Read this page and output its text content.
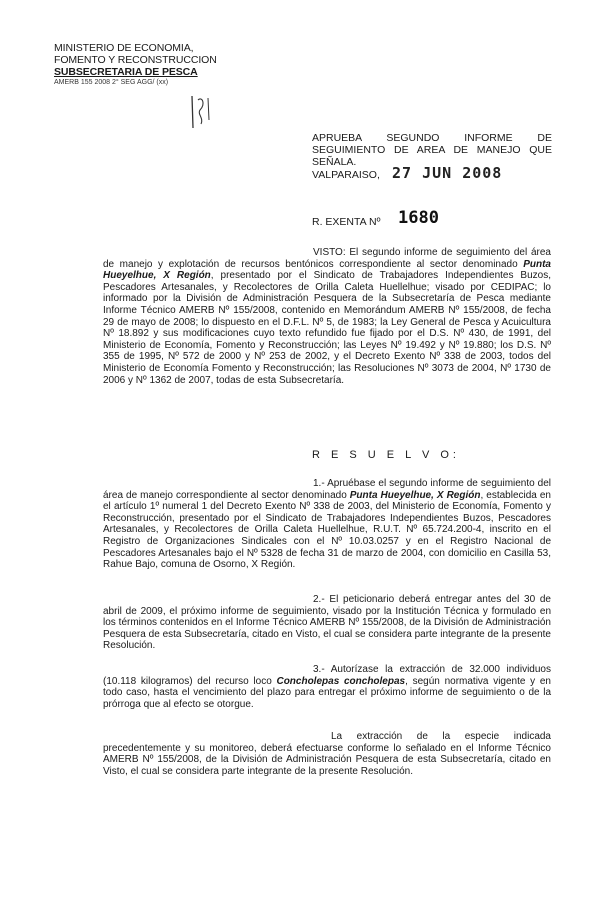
MINISTERIO DE ECONOMIA,
FOMENTO Y RECONSTRUCCION
SUBSECRETARIA DE PESCA
AMERB 155 2008 2° SEG AGG/ (xx)
APRUEBA SEGUNDO INFORME DE SEGUIMIENTO DE AREA DE MANEJO QUE SEÑALA.
VALPARAISO, 27 JUN 2008
R. EXENTA Nº 1680

VISTO: El segundo informe de seguimiento del área de manejo y explotación de recursos bentónicos correspondiente al sector denominado Punta Hueyelhue, X Región, presentado por el Sindicato de Trabajadores Independientes Buzos, Pescadores Artesanales, y Recolectores de Orilla Caleta Huellelhue; visado por CEDIPAC; lo informado por la División de Administración Pesquera de la Subsecretaría de Pesca mediante Informe Técnico AMERB Nº 155/2008, contenido en Memorándum AMERB Nº 155/2008, de fecha 29 de mayo de 2008; lo dispuesto en el D.F.L. Nº 5, de 1983; la Ley General de Pesca y Acuicultura Nº 18.892 y sus modificaciones cuyo texto refundido fue fijado por el D.S. Nº 430, de 1991, del Ministerio de Economía, Fomento y Reconstrucción; las Leyes Nº 19.492 y Nº 19.880; los D.S. Nº 355 de 1995, Nº 572 de 2000 y Nº 253 de 2002, y el Decreto Exento Nº 338 de 2003, todos del Ministerio de Economía Fomento y Reconstrucción; las Resoluciones Nº 3073 de 2004, Nº 1730 de 2006 y Nº 1362 de 2007, todas de esta Subsecretaría.

R E S U E L V O:

1.- Apruébase el segundo informe de seguimiento del área de manejo correspondiente al sector denominado Punta Hueyelhue, X Región, establecida en el artículo 1º numeral 1 del Decreto Exento Nº 338 de 2003, del Ministerio de Economía, Fomento y Reconstrucción, presentado por el Sindicato de Trabajadores Independientes Buzos, Pescadores Artesanales, y Recolectores de Orilla Caleta Huellelhue, R.U.T. Nº 65.724.200-4, inscrito en el Registro de Organizaciones Sindicales con el Nº 10.03.0257 y en el Registro Nacional de Pescadores Artesanales bajo el Nº 5328 de fecha 31 de marzo de 2004, con domicilio en Casilla 53, Rahue Bajo, comuna de Osorno, X Región.

2.- El peticionario deberá entregar antes del 30 de abril de 2009, el próximo informe de seguimiento, visado por la Institución Técnica y formulado en los términos contenidos en el Informe Técnico AMERB Nº 155/2008, de la División de Administración Pesquera de esta Subsecretaría, citado en Visto, el cual se considera parte integrante de la presente Resolución.

3.- Autorízase la extracción de 32.000 individuos (10.118 kilogramos) del recurso loco Concholepas concholepas, según normativa vigente y en todo caso, hasta el vencimiento del plazo para entregar el próximo informe de seguimiento o de la prórroga que al efecto se otorgue.

La extracción de la especie indicada precedentemente y su monitoreo, deberá efectuarse conforme lo señalado en el Informe Técnico AMERB Nº 155/2008, de la División de Administración Pesquera de esta Subsecretaría, citado en Visto, el cual se considera parte integrante de la presente Resolución.
